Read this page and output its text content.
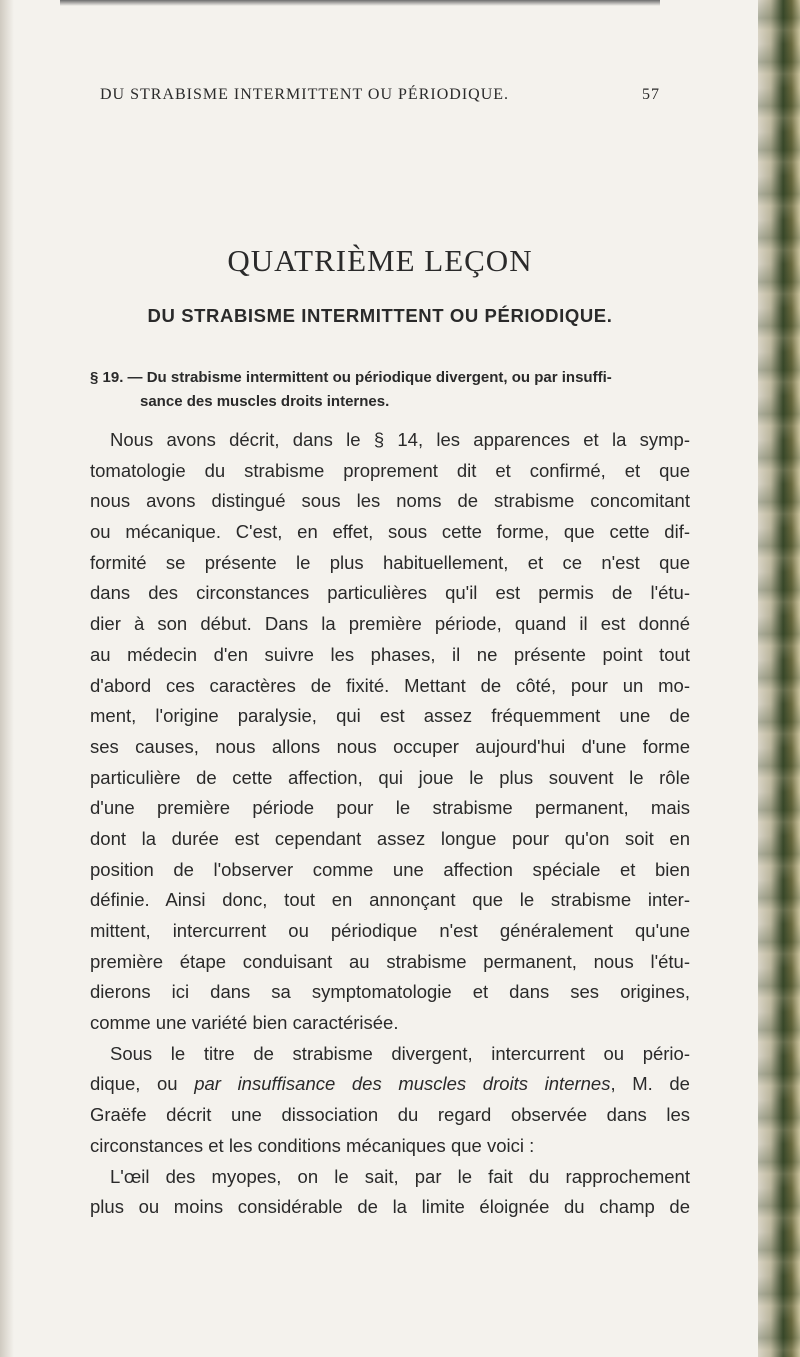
DU STRABISME INTERMITTENT OU PÉRIODIQUE.	57
QUATRIÈME LEÇON
DU STRABISME INTERMITTENT OU PÉRIODIQUE.
§ 19. — Du strabisme intermittent ou périodique divergent, ou par insuffi-
sance des muscles droits internes.
Nous avons décrit, dans le § 14, les apparences et la symp-
tomatologie du strabisme proprement dit et confirmé, et que
nous avons distingué sous les noms de strabisme concomitant
ou mécanique. C'est, en effet, sous cette forme, que cette dif-
formité se présente le plus habituellement, et ce n'est que
dans des circonstances particulières qu'il est permis de l'étu-
dier à son début. Dans la première période, quand il est donné
au médecin d'en suivre les phases, il ne présente point tout
d'abord ces caractères de fixité. Mettant de côté, pour un mo-
ment, l'origine paralysie, qui est assez fréquemment une de
ses causes, nous allons nous occuper aujourd'hui d'une forme
particulière de cette affection, qui joue le plus souvent le rôle
d'une première période pour le strabisme permanent, mais
dont la durée est cependant assez longue pour qu'on soit en
position de l'observer comme une affection spéciale et bien
définie. Ainsi donc, tout en annonçant que le strabisme inter-
mittent, intercurrent ou périodique n'est généralement qu'une
première étape conduisant au strabisme permanent, nous l'étu-
dierons ici dans sa symptomatologie et dans ses origines,
comme une variété bien caractérisée.
Sous le titre de strabisme divergent, intercurrent ou pério-
dique, ou par insuffisance des muscles droits internes, M. de
Graëfe décrit une dissociation du regard observée dans les
circonstances et les conditions mécaniques que voici :
L'œil des myopes, on le sait, par le fait du rapprochement
plus ou moins considérable de la limite éloignée du champ de
